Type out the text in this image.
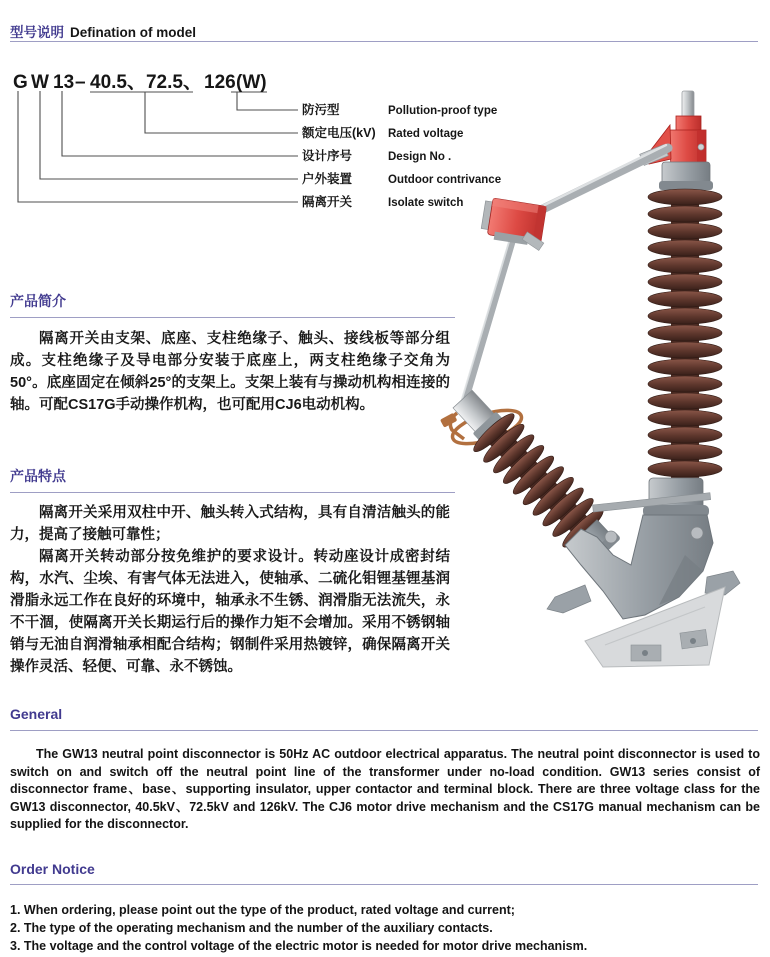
型号说明 Defination of model
G W 13 – 40.5、72.5、 126 (W)
防污型	Pollution-proof type
额定电压(kV) Rated voltage
设计序号	Design No .
户外装置	Outdoor contrivance
隔离开关	Isolate switch
产品简介
隔离开关由支架、底座、支柱绝缘子、触头、接线板等部分组成。支柱绝缘子及导电部分安装于底座上，两支柱绝缘子交角为50°。底座固定在倾斜25°的支架上。支架上装有与操动机构相连接的轴。可配CS17G手动操作机构，也可配用CJ6电动机构。
产品特点
隔离开关采用双柱中开、触头转入式结构，具有自清洁触头的能力，提高了接触可靠性；
隔离开关转动部分按免维护的要求设计。转动座设计成密封结构，水汽、尘埃、有害气体无法进入，使轴承、二硫化钼锂基锂基润滑脂永远工作在良好的环境中，轴承永不生锈、润滑脂无法流失，永不干涸，使隔离开关长期运行后的操作力矩不会增加。采用不锈钢轴销与无油自润滑轴承相配合结构；钢制件采用热镀锌，确保隔离开关操作灵活、轻便、可靠、永不锈蚀。
General
The GW13 neutral point disconnector is 50Hz AC outdoor electrical apparatus. The neutral point disconnector is used to switch on and switch off the neutral point line of the transformer under no-load condition. GW13 series consist of disconnector frame、base、supporting insulator, upper contactor and terminal block. There are three voltage class for the GW13 disconnector, 40.5kV、72.5kV and 126kV. The CJ6 motor drive mechanism and the CS17G manual mechanism can be supplied for the disconnector.
Order Notice
1. When ordering, please point out the type of the product, rated voltage and current;
2. The type of the operating mechanism and the number of the auxiliary contacts.
3. The voltage and the control voltage of the electric motor is needed for motor drive mechanism.
